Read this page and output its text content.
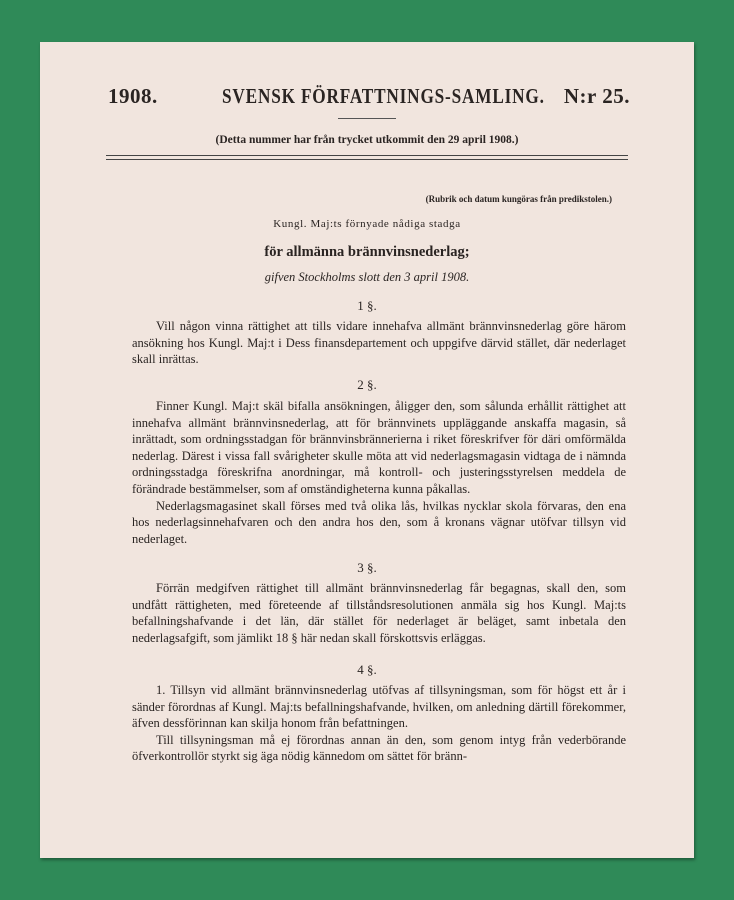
1908.	SVENSK FÖRFATTNINGS-SAMLING. N:r 25.
(Detta nummer har från trycket utkommit den 29 april 1908.)
(Rubrik och datum kungöras från predikstolen.)
Kungl. Maj:ts förnyade nådiga stadga
för allmänna brännvinsnederlag;
gifven Stockholms slott den 3 april 1908.
1 §.

Vill någon vinna rättighet att tills vidare innehafva allmänt brännvinsnederlag göre härom ansökning hos Kungl. Maj:t i Dess finansdepartement och uppgifve därvid stället, där nederlaget skall inrättas.

2 §.

Finner Kungl. Maj:t skäl bifalla ansökningen, åligger den, som sålunda erhållit rättighet att innehafva allmänt brännvinsnederlag, att för brännvinets uppläggande anskaffa magasin, så inrättadt, som ordningsstadgan för brännvinsbrännerierna i riket föreskrifver för däri omförmälda nederlag. Därest i vissa fall svårigheter skulle möta att vid nederlagsmagasin vidtaga de i nämnda ordningsstadga föreskrifna anordningar, må kontroll- och justeringsstyrelsen meddela de förändrade bestämmelser, som af omständigheterna kunna påkallas.

Nederlagsmagasinet skall förses med två olika lås, hvilkas nycklar skola förvaras, den ena hos nederlagsinnehafvaren och den andra hos den, som å kronans vägnar utöfvar tillsyn vid nederlaget.

3 §.

Förrän medgifven rättighet till allmänt brännvinsnederlag får begagnas, skall den, som undfått rättigheten, med företeende af tillståndsresolutionen anmäla sig hos Kungl. Maj:ts befallningshafvande i det län, där stället för nederlaget är beläget, samt inbetala den nederlagsafgift, som jämlikt 18 § här nedan skall förskottsvis erläggas.

4 §.

1. Tillsyn vid allmänt brännvinsnederlag utöfvas af tillsyningsman, som för högst ett år i sänder förordnas af Kungl. Maj:ts befallningshafvande, hvilken, om anledning därtill förekommer, äfven dessförinnan kan skilja honom från befattningen.

Till tillsyningsman må ej förordnas annan än den, som genom intyg från vederbörande öfverkontrollör styrkt sig äga nödig kännedom om sättet för bränn-
